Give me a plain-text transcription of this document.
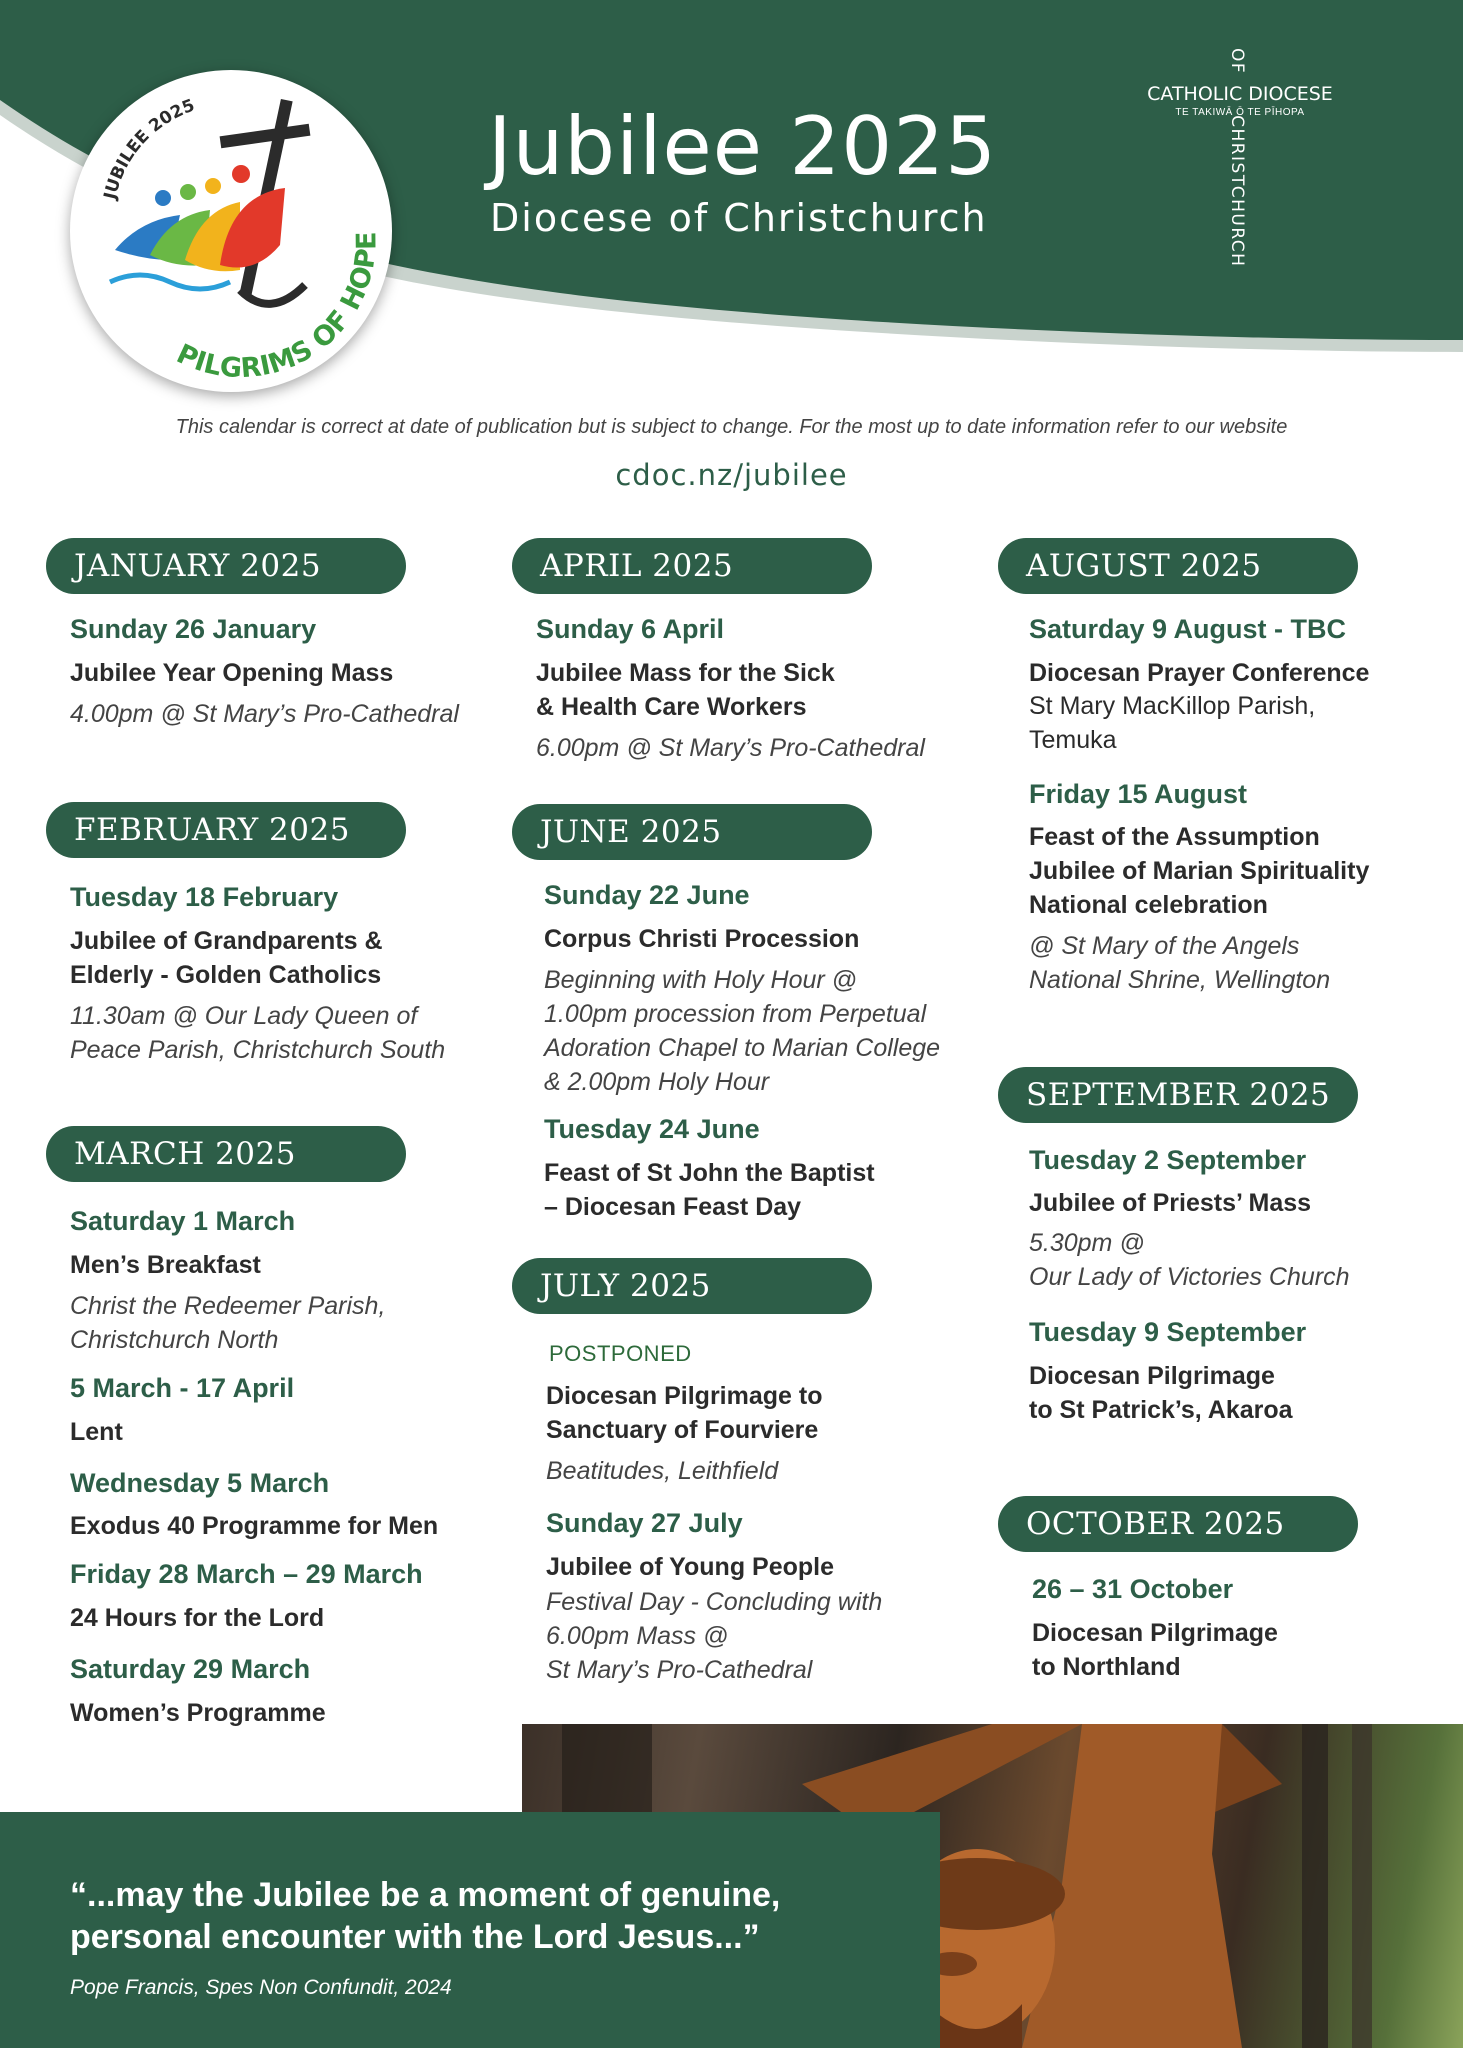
JUBILEE 2025
PILGRIMS OF HOPE
Jubilee 2025
Diocese of Christchurch
CATHOLIC DIOCESE
TE TAKIWĀ Ō TE PĪHOPA
OF CHRISTCHURCH
This calendar is correct at date of publication but is subject to change. For the most up to date information refer to our website
cdoc.nz/jubilee
JANUARY 2025
Sunday 26 January
Jubilee Year Opening Mass
4.00pm @ St Mary’s Pro-Cathedral
FEBRUARY 2025
Tuesday 18 February
Jubilee of Grandparents &
Elderly - Golden Catholics
11.30am @ Our Lady Queen of
Peace Parish, Christchurch South
MARCH 2025
Saturday 1 March
Men’s Breakfast
Christ the Redeemer Parish,
Christchurch North
5 March - 17 April
Lent
Wednesday 5 March
Exodus 40 Programme for Men
Friday 28 March – 29 March
24 Hours for the Lord
Saturday 29 March
Women’s Programme
APRIL 2025
Sunday 6 April
Jubilee Mass for the Sick
& Health Care Workers
6.00pm @ St Mary’s Pro-Cathedral
JUNE 2025
Sunday 22 June
Corpus Christi Procession
Beginning with Holy Hour @
1.00pm procession from Perpetual
Adoration Chapel to Marian College
& 2.00pm Holy Hour
Tuesday 24 June
Feast of St John the Baptist
– Diocesan Feast Day
JULY 2025
POSTPONED
Diocesan Pilgrimage to
Sanctuary of Fourviere
Beatitudes, Leithfield
Sunday 27 July
Jubilee of Young People
Festival Day - Concluding with
6.00pm Mass @
St Mary’s Pro-Cathedral
AUGUST 2025
Saturday 9 August - TBC
Diocesan Prayer Conference
St Mary MacKillop Parish,
Temuka
Friday 15 August
Feast of the Assumption
Jubilee of Marian Spirituality
National celebration
@ St Mary of the Angels
National Shrine, Wellington
SEPTEMBER 2025
Tuesday 2 September
Jubilee of Priests’ Mass
5.30pm @
Our Lady of Victories Church
Tuesday 9 September
Diocesan Pilgrimage
to St Patrick’s, Akaroa
OCTOBER 2025
26 – 31 October
Diocesan Pilgrimage
to Northland
“...may the Jubilee be a moment of genuine,
personal encounter with the Lord Jesus...”
Pope Francis, Spes Non Confundit, 2024
